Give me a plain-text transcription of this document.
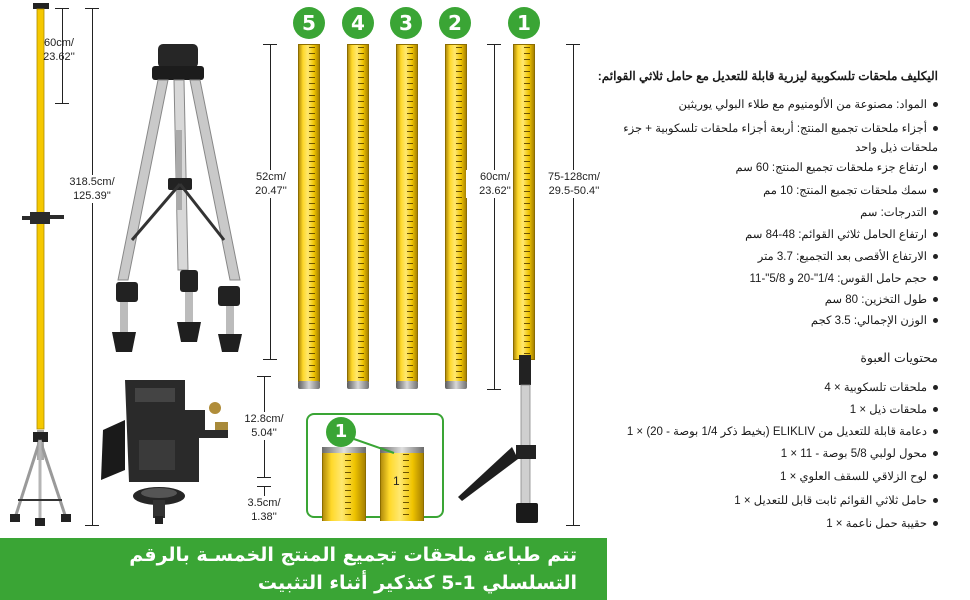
60cm/
23.62''
318.5cm/
125.39''
52cm/
20.47''
12.8cm/
5.04''
3.5cm/
1.38''
5	4	3	2	1
60cm/
23.62''
75-128cm/
29.5-50.4''
1
1
اليكليف ملحقات تلسكوبية ليزرية قابلة للتعديل مع حامل ثلاثي القوائم:
المواد: مصنوعة من الألومنيوم مع طلاء البولي يوريثين
أجزاء ملحقات تجميع المنتج: أربعة أجزاء ملحقات تلسكوبية + جزء
ملحقات ذيل واحد
ارتفاع جزء ملحقات تجميع المنتج: 60 سم
سمك ملحقات تجميع المنتج: 10 مم
التدرجات: سم
ارتفاع الحامل ثلاثي القوائم: 48-84 سم
الارتفاع الأقصى بعد التجميع: 3.7 متر
حجم حامل القوس: 1/4"-20 و 5/8"-11
طول التخزين: 80 سم
الوزن الإجمالي: 3.5 كجم
محتويات العبوة
ملحقات تلسكوبية × 4
ملحقات ذيل × 1
دعامة قابلة للتعديل من ELIKLIV (بخيط ذكر 1/4 بوصة - 20) × 1
محول لولبي 5/8 بوصة - 11 × 1
لوح الزلاقي للسقف العلوي × 1
حامل ثلاثي القوائم ثابت قابل للتعديل × 1
حقيبة حمل ناعمة × 1
تتم طباعة ملحقات تجميع المنتج الخمسـة بالرقم
التسلسلي 1-5 كتذكير أثناء التثبيت
